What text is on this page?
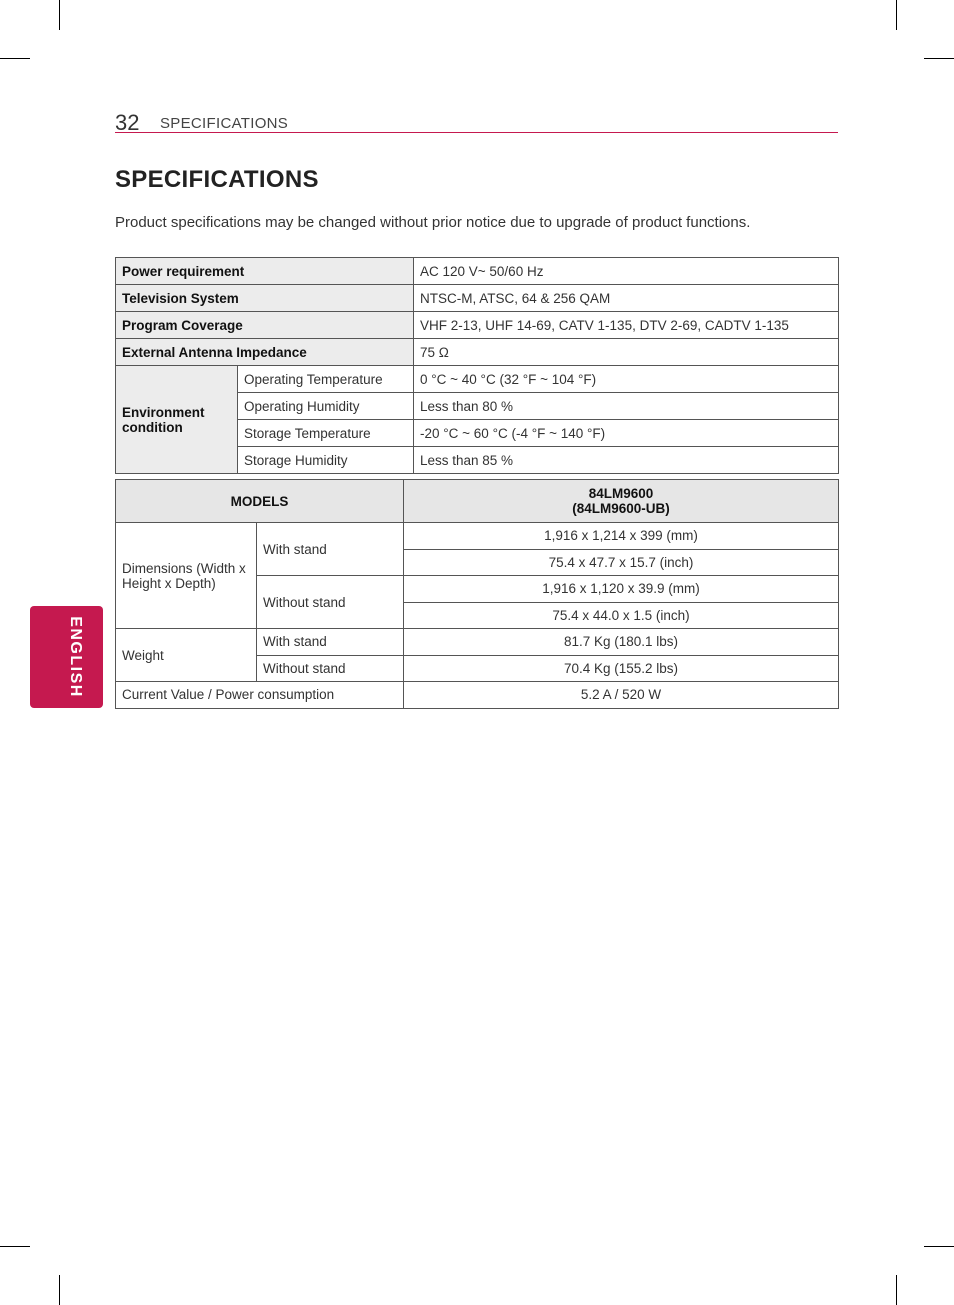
32 SPECIFICATIONS
SPECIFICATIONS
Product specifications may be changed without prior notice due to upgrade of product functions.
Power requirement		AC 120 V~ 50/60 Hz
Television System		NTSC-M, ATSC, 64 & 256 QAM
Program Coverage		VHF 2-13, UHF 14-69, CATV 1-135, DTV 2-69, CADTV 1-135
External Antenna Impedance		75 Ω
Environment
condition	Operating Temperature	0 °C ~ 40 °C (32 °F ~ 104 °F)
	Operating Humidity	Less than 80 %
	Storage Temperature	-20 °C ~ 60 °C (-4 °F ~ 140 °F)
	Storage Humidity	Less than 85 %
MODELS		84LM9600
(84LM9600-UB)
Dimensions (Width x
Height x Depth)	With stand	1,916 x 1,214 x 399 (mm)
		75.4 x 47.7 x 15.7 (inch)
	Without stand	1,916 x 1,120 x 39.9 (mm)
		75.4 x 44.0 x 1.5 (inch)
Weight	With stand	81.7 Kg (180.1 lbs)
	Without stand	70.4 Kg (155.2 lbs)
Current Value / Power consumption		5.2 A / 520 W
ENGLISH
